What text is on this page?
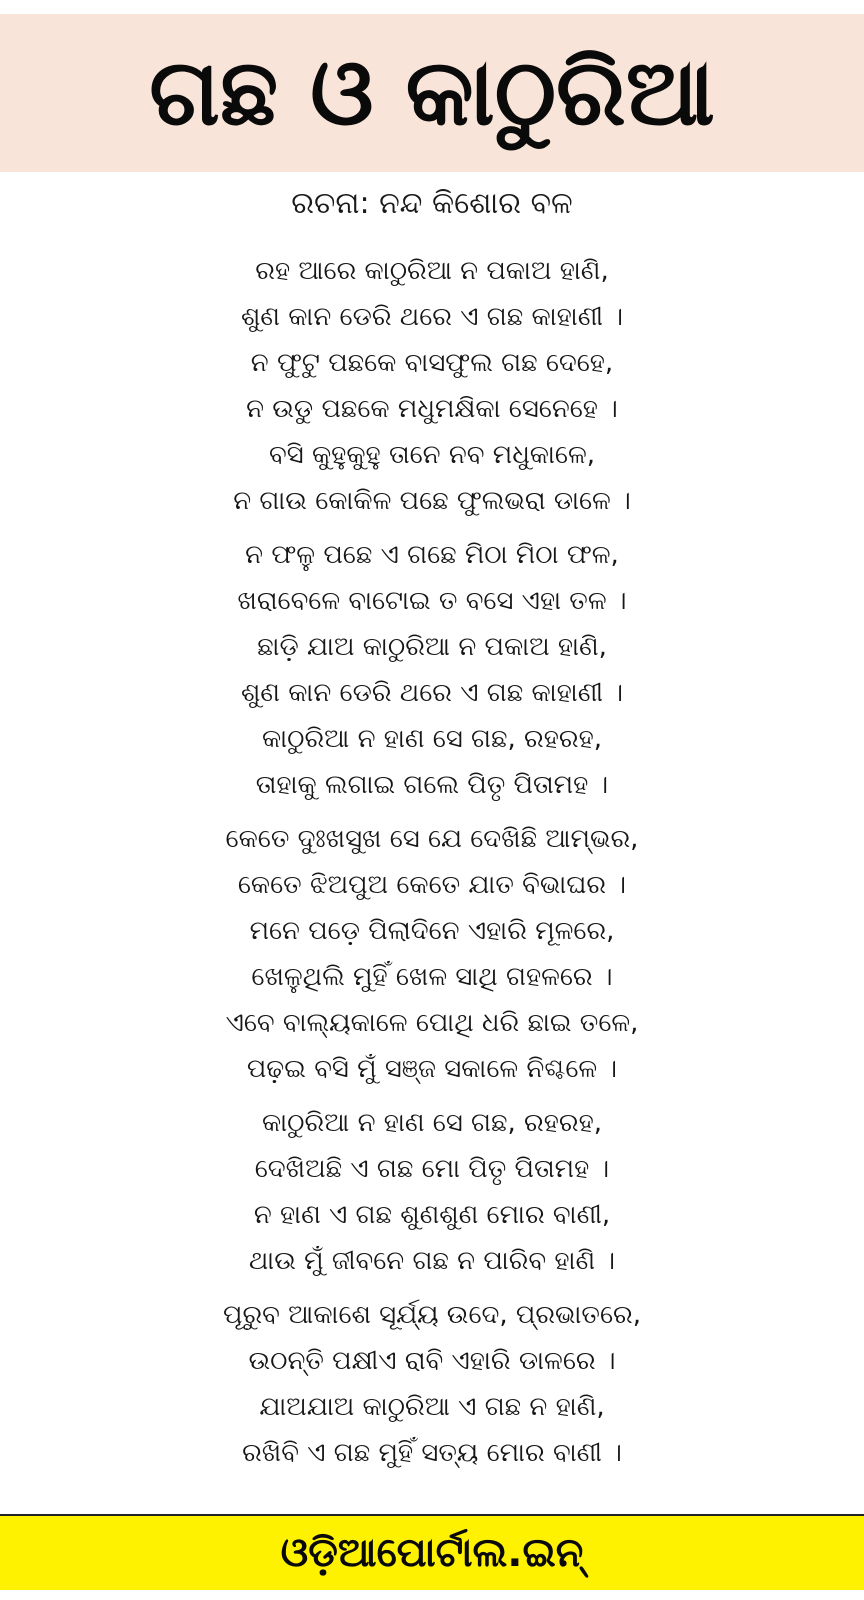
ଗଛ ଓ କାଠୁରିଆ
ରଚନା: ନନ୍ଦ କିଶୋର ବଳ
ରହ ଆରେ କାଠୁରିଆ ନ ପକାଅ ହାଣି,
ଶୁଣ କାନ ଡେରି ଥରେ ଏ ଗଛ କାହାଣୀ ।
ନ ଫୁଟୁ ପଛକେ ବାସଫୁଲ ଗଛ ଦେହେ,
ନ ଉଡୁ ପଛକେ ମଧୁମକ୍ଷିକା ସେନେହେ ।
ବସି କୁହୁକୁହୁ ତାନେ ନବ ମଧୁକାଳେ,
ନ ଗାଉ କୋକିଳ ପଛେ ଫୁଲଭରା ଡାଳେ ।
ନ ଫଳୁ ପଛେ ଏ ଗଛେ ମିଠା ମିଠା ଫଳ,
ଖରାବେଳେ ବାଟୋଇ ତ ବସେ ଏହା ତଳ ।
ଛାଡ଼ି ଯାଅ କାଠୁରିଆ ନ ପକାଅ ହାଣି,
ଶୁଣ କାନ ଡେରି ଥରେ ଏ ଗଛ କାହାଣୀ ।
କାଠୁରିଆ ନ ହାଣ ସେ ଗଛ, ରହରହ,
ତାହାକୁ ଲଗାଇ ଗଲେ ପିତୃ ପିତାମହ ।
କେତେ ଦୁଃଖସୁଖ ସେ ଯେ ଦେଖିଛି ଆମ୍ଭର,
କେତେ ଝିଅପୁଅ କେତେ ଯାତ ବିଭାଘର ।
ମନେ ପଡ଼େ ପିଲାଦିନେ ଏହାରି ମୂଳରେ,
ଖେଳୁଥିଲି ମୁହିଁ ଖେଳ ସାଥି ଗହଳରେ ।
ଏବେ ବାଲ୍ୟକାଳେ ପୋଥି ଧରି ଛାଇ ତଳେ,
ପଢ଼ଇ ବସି ମୁଁ ସଞ୍ଜ ସକାଳେ ନିଶ୍ଚଳେ ।
କାଠୁରିଆ ନ ହାଣ ସେ ଗଛ, ରହରହ,
ଦେଖିଅଛି ଏ ଗଛ ମୋ ପିତୃ ପିତାମହ ।
ନ ହାଣ ଏ ଗଛ ଶୁଣଶୁଣ ମୋର ବାଣୀ,
ଥାଉ ମୁଁ ଜୀବନେ ଗଛ ନ ପାରିବ ହାଣି ।
ପୂରୁବ ଆକାଶେ ସୂର୍ଯ୍ୟ ଉଦେ, ପ୍ରଭାତରେ,
ଉଠନ୍ତି ପକ୍ଷୀଏ ରାବି ଏହାରି ଡାଳରେ ।
ଯାଅଯାଅ କାଠୁରିଆ ଏ ଗଛ ନ ହାଣି,
ରଖିବି ଏ ଗଛ ମୁହିଁ ସତ୍ୟ ମୋର ବାଣୀ ।
ଓଡ଼ିଆପୋର୍ଟାଲ.ଇନ୍
